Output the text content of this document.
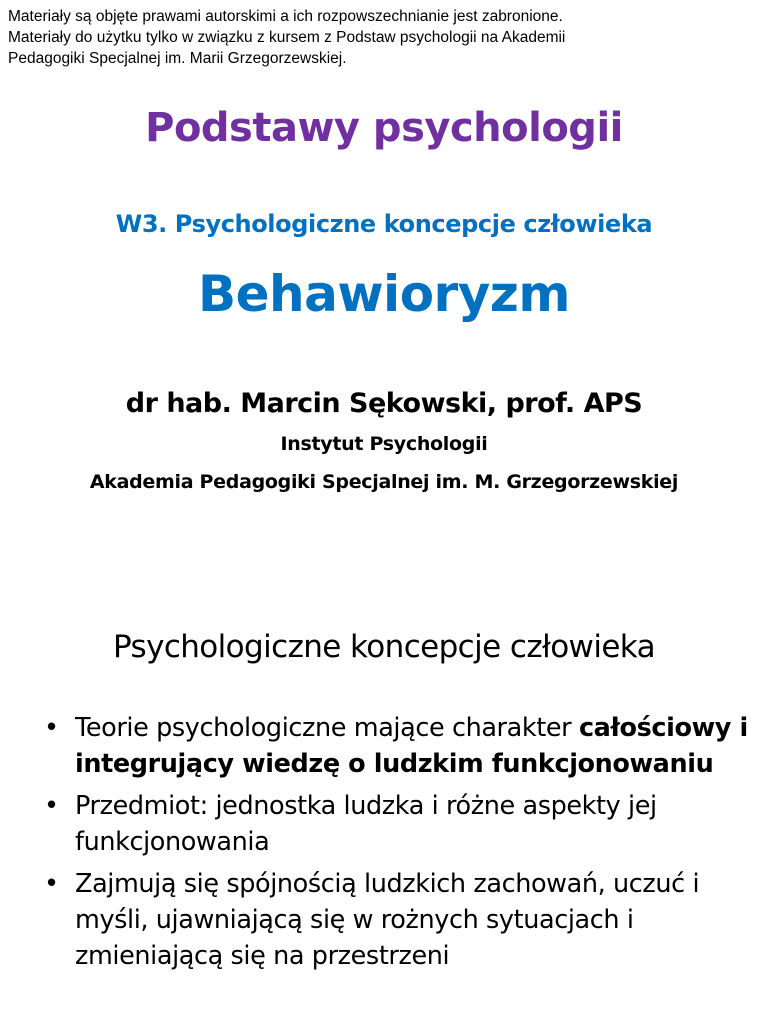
Materiały są objęte prawami autorskimi a ich rozpowszechnianie jest zabronione.
Materiały do użytku tylko w związku z kursem z Podstaw psychologii na Akademii
Pedagogiki Specjalnej im. Marii Grzegorzewskiej.
Podstawy psychologii
W3. Psychologiczne koncepcje człowieka
Behawioryzm
dr hab. Marcin Sękowski, prof. APS
Instytut Psychologii
Akademia Pedagogiki Specjalnej im. M. Grzegorzewskiej
Psychologiczne koncepcje człowieka
• Teorie psychologiczne mające charakter całościowy i integrujący wiedzę o ludzkim funkcjonowaniu
• Przedmiot: jednostka ludzka i różne aspekty jej funkcjonowania
• Zajmują się spójnością ludzkich zachowań, uczuć i myśli, ujawniającą się w rożnych sytuacjach i zmieniającą się na przestrzeni
